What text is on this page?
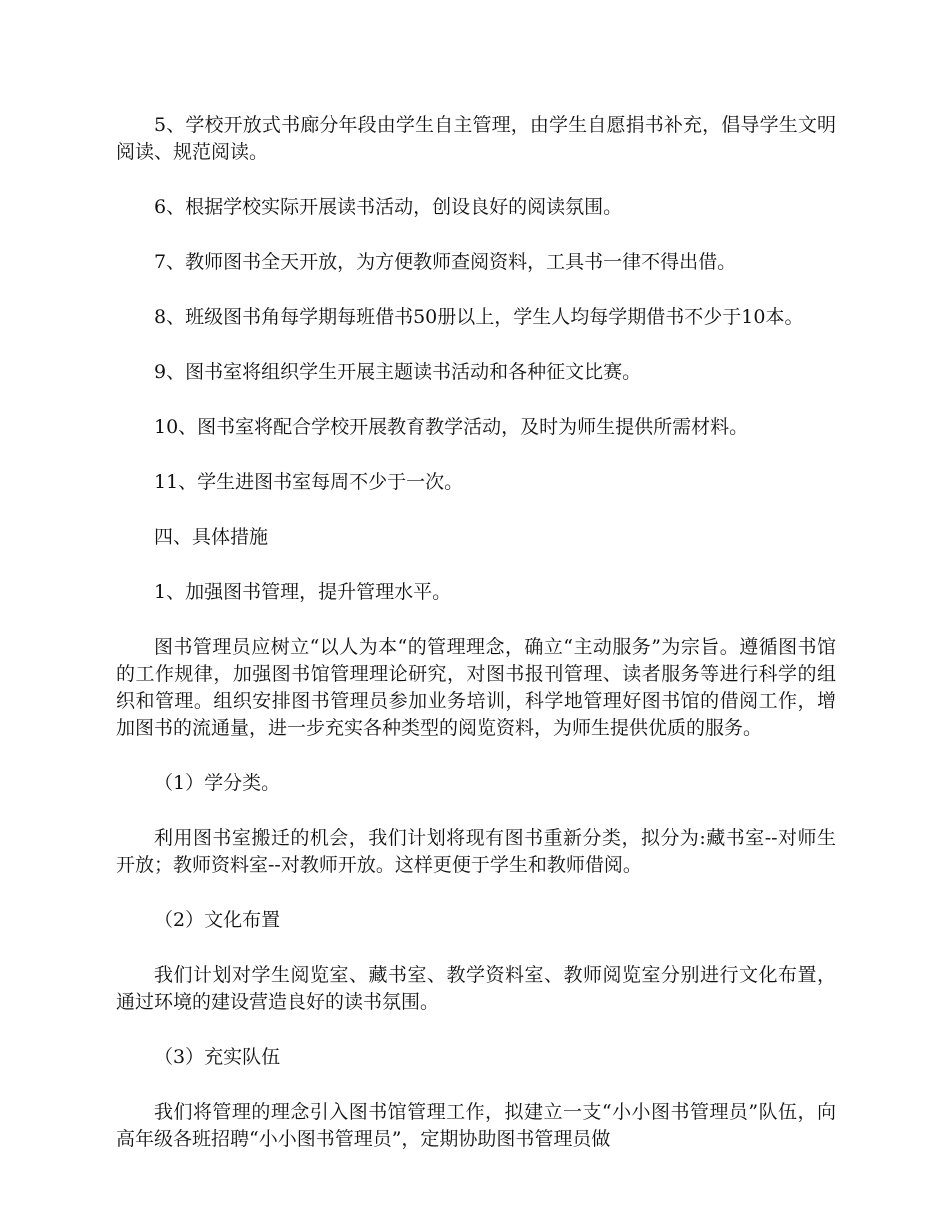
5、学校开放式书廊分年段由学生自主管理，由学生自愿捐书补充，倡导学生文明阅读、规范阅读。

6、根据学校实际开展读书活动，创设良好的阅读氛围。

7、教师图书全天开放，为方便教师查阅资料，工具书一律不得出借。

8、班级图书角每学期每班借书50册以上，学生人均每学期借书不少于10本。

9、图书室将组织学生开展主题读书活动和各种征文比赛。

10、图书室将配合学校开展教育教学活动，及时为师生提供所需材料。

11、学生进图书室每周不少于一次。

四、具体措施

1、加强图书管理，提升管理水平。

图书管理员应树立“以人为本“的管理理念，确立“主动服务”为宗旨。遵循图书馆的工作规律，加强图书馆管理理论研究，对图书报刊管理、读者服务等进行科学的组织和管理。组织安排图书管理员参加业务培训，科学地管理好图书馆的借阅工作，增加图书的流通量，进一步充实各种类型的阅览资料，为师生提供优质的服务。

（1）学分类。

利用图书室搬迁的机会，我们计划将现有图书重新分类，拟分为:藏书室--对师生开放；教师资料室--对教师开放。这样更便于学生和教师借阅。

（2）文化布置

我们计划对学生阅览室、藏书室、教学资料室、教师阅览室分别进行文化布置，通过环境的建设营造良好的读书氛围。

（3）充实队伍

我们将管理的理念引入图书馆管理工作，拟建立一支“小小图书管理员”队伍，向高年级各班招聘“小小图书管理员”，定期协助图书管理员做
